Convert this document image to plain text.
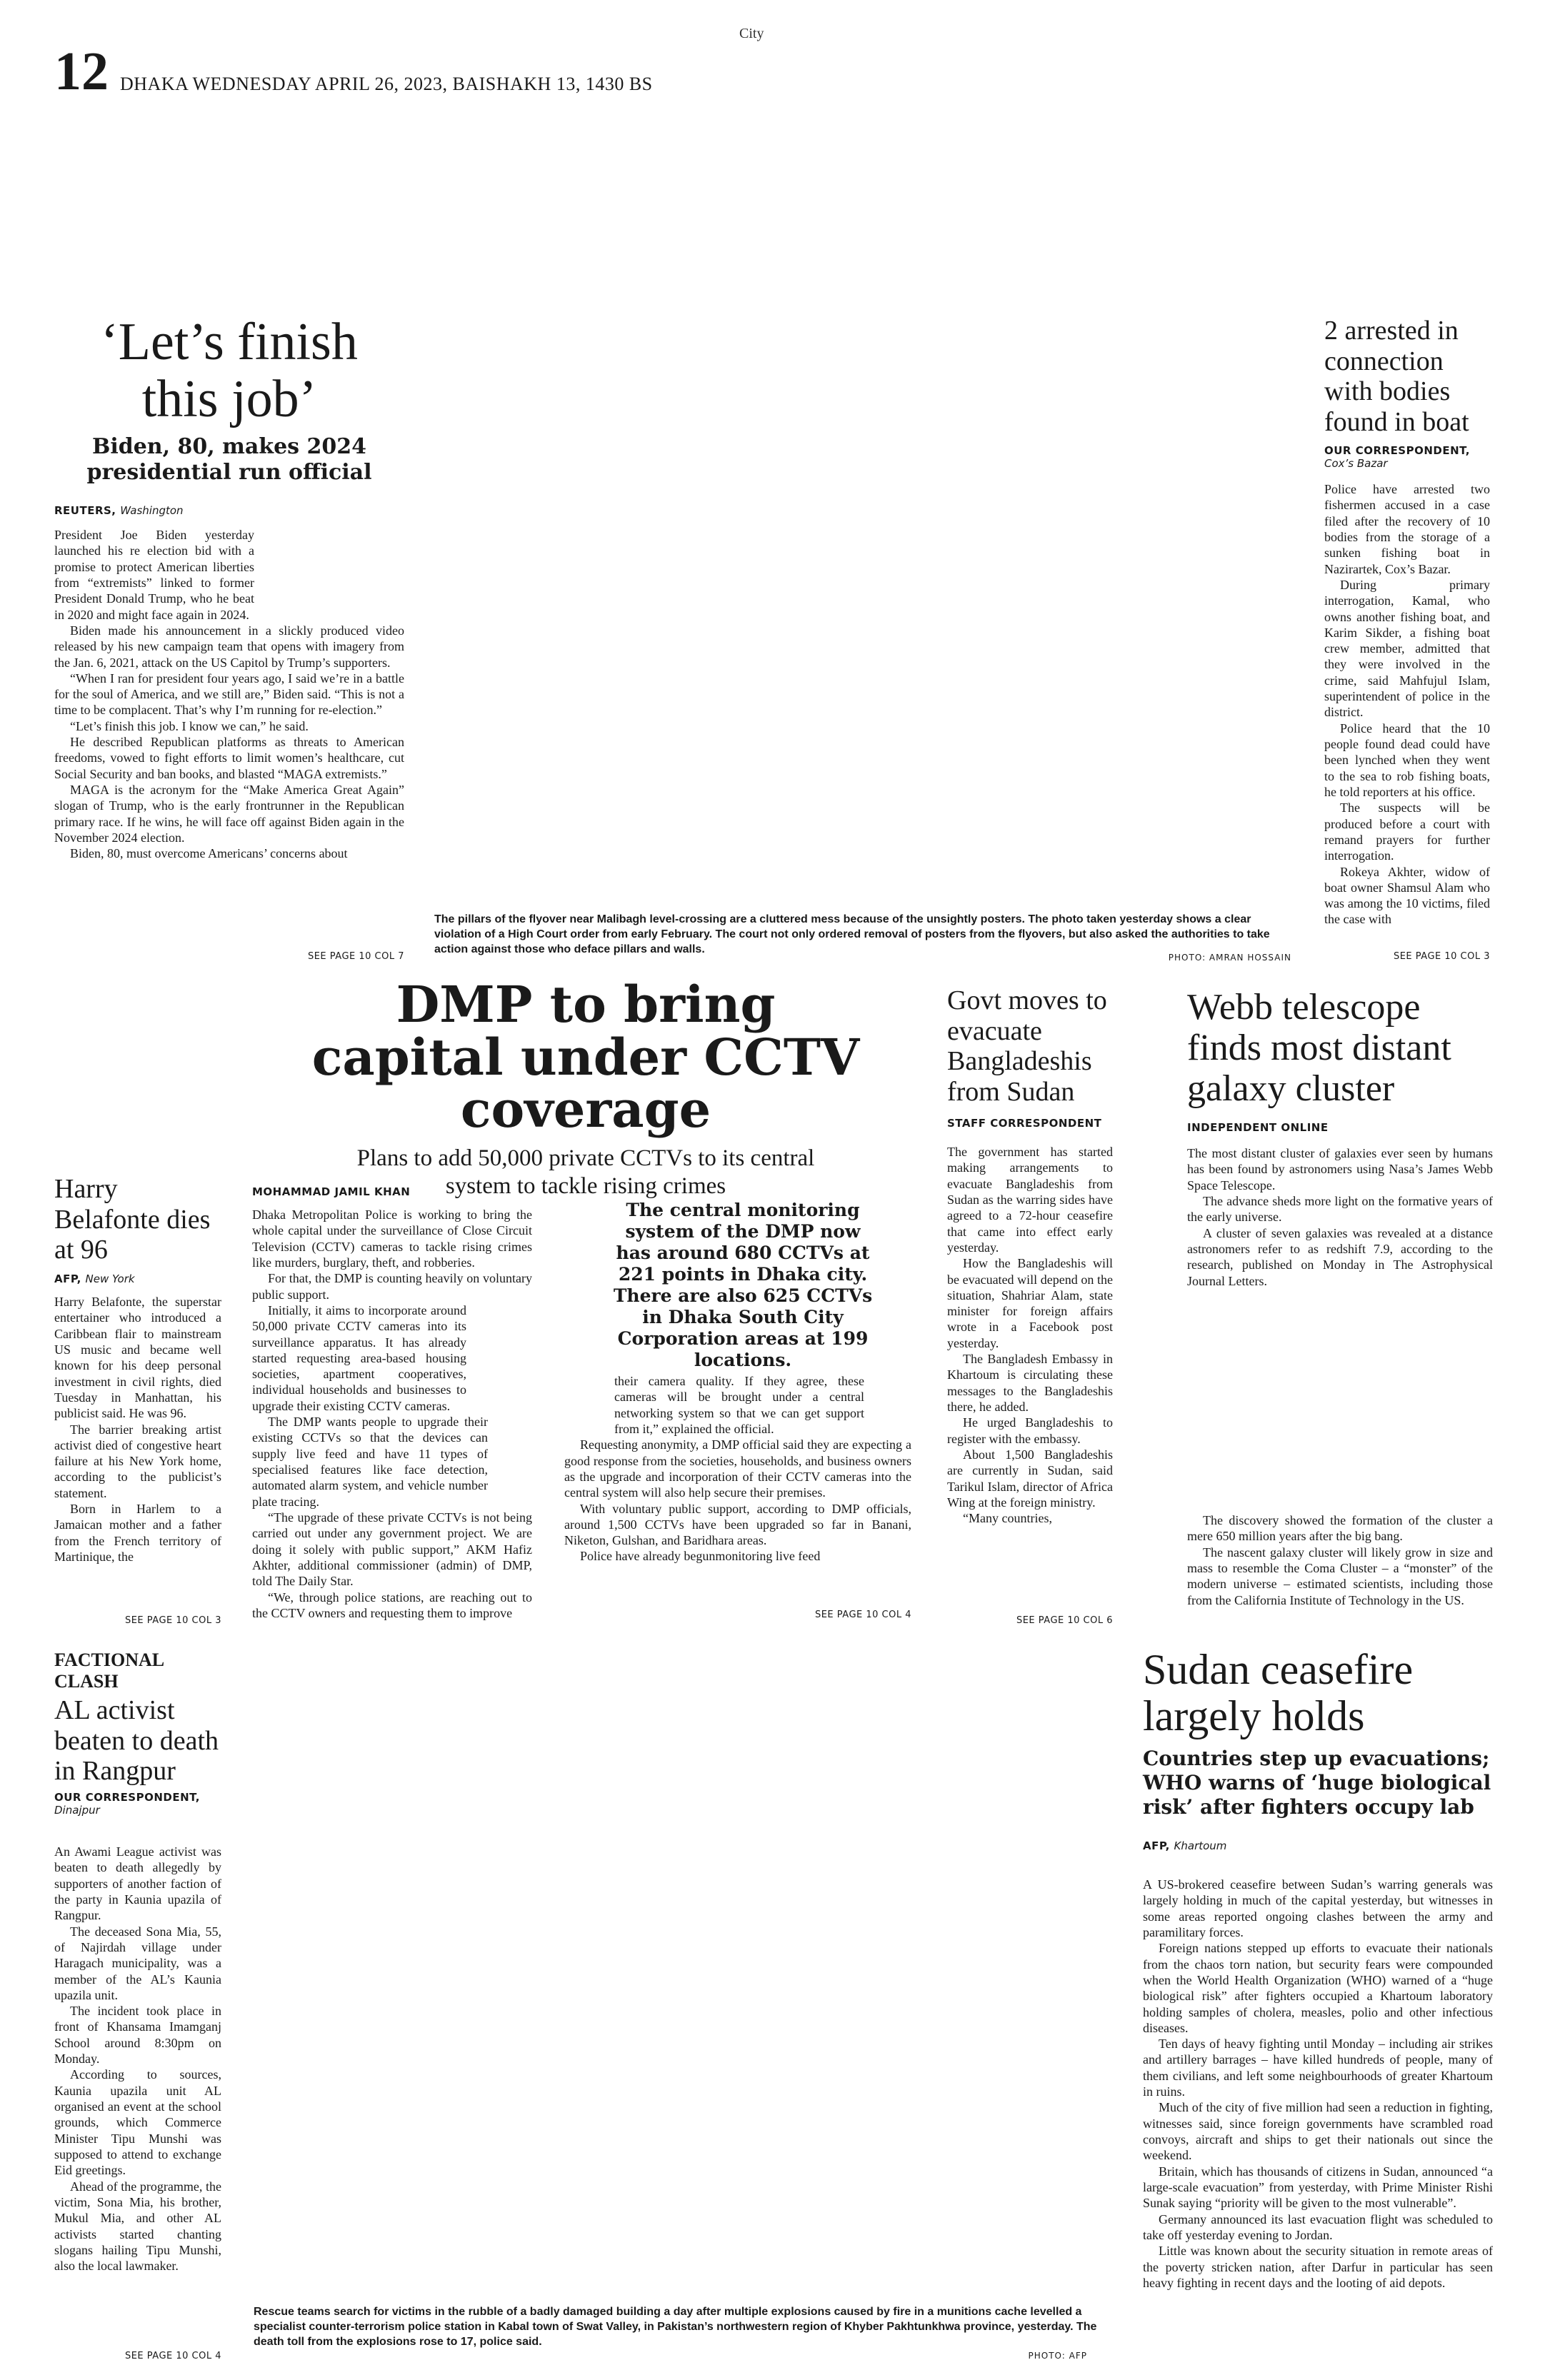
City
12 DHAKA WEDNESDAY APRIL 26, 2023, BAISHAKH 13, 1430 BS
‘Let’s finish this job’
Biden, 80, makes 2024 presidential run official
REUTERS, Washington

President Joe Biden yesterday launched his re election bid with a promise to protect American liberties from “extremists” linked to former President Donald Trump, who he beat in 2020 and might face again in 2024.

Biden made his announcement in a slickly produced video released by his new campaign team that opens with imagery from the Jan. 6, 2021, attack on the US Capitol by Trump’s supporters.

“When I ran for president four years ago, I said we’re in a battle for the soul of America, and we still are,” Biden said. “This is not a time to be complacent. That’s why I’m running for re-election.”

“Let’s finish this job. I know we can,” he said.

He described Republican platforms as threats to American freedoms, vowed to fight efforts to limit women’s healthcare, cut Social Security and ban books, and blasted “MAGA extremists.”

MAGA is the acronym for the “Make America Great Again” slogan of Trump, who is the early frontrunner in the Republican primary race. If he wins, he will face off against Biden again in the November 2024 election.

Biden, 80, must overcome Americans’ concerns about

SEE PAGE 10 COL 7
The pillars of the flyover near Malibagh level-crossing are a cluttered mess because of the unsightly posters. The photo taken yesterday shows a clear violation of a High Court order from early February. The court not only ordered removal of posters from the flyovers, but also asked the authorities to take action against those who deface pillars and walls.
PHOTO: AMRAN HOSSAIN
2 arrested in connection with bodies found in boat
OUR CORRESPONDENT,
Cox’s Bazar

Police have arrested two fishermen accused in a case filed after the recovery of 10 bodies from the storage of a sunken fishing boat in Nazirartek, Cox’s Bazar.

During primary interrogation, Kamal, who owns another fishing boat, and Karim Sikder, a fishing boat crew member, admitted that they were involved in the crime, said Mahfujul Islam, superintendent of police in the district.

Police heard that the 10 people found dead could have been lynched when they went to the sea to rob fishing boats, he told reporters at his office.

The suspects will be produced before a court with remand prayers for further interrogation.

Rokeya Akhter, widow of boat owner Shamsul Alam who was among the 10 victims, filed the case with

SEE PAGE 10 COL 3
DMP to bring capital under CCTV coverage
Plans to add 50,000 private CCTVs to its central system to tackle rising crimes
MOHAMMAD JAMIL KHAN

Dhaka Metropolitan Police is working to bring the whole capital under the surveillance of Close Circuit Television (CCTV) cameras to tackle rising crimes like murders, burglary, theft, and robberies.

For that, the DMP is counting heavily on voluntary public support.

Initially, it aims to incorporate around 50,000 private CCTV cameras into its surveillance apparatus. It has already started requesting area-based housing societies, apartment cooperatives, individual households and businesses to upgrade their existing CCTV cameras.

The DMP wants people to upgrade their existing CCTVs so that the devices can supply live feed and have 11 types of specialised features like face detection, automated alarm system, and vehicle number plate tracing.

“The upgrade of these private CCTVs is not being carried out under any government project. We are doing it solely with public support,” AKM Hafiz Akhter, additional commissioner (admin) of DMP, told The Daily Star.

“We, through police stations, are reaching out to the CCTV owners and requesting them to improve

The central monitoring system of the DMP now has around 680 CCTVs at 221 points in Dhaka city. There are also 625 CCTVs in Dhaka South City Corporation areas at 199 locations.

their camera quality. If they agree, these cameras will be brought under a central networking system so that we can get support from it,” explained the official.

Requesting anonymity, a DMP official said they are expecting a good response from the societies, households, and business owners as the upgrade and incorporation of their CCTV cameras into the central system will also help secure their premises.

With voluntary public support, according to DMP officials, around 1,500 CCTVs have been upgraded so far in Banani, Niketon, Gulshan, and Baridhara areas.

Police have already begunmonitoring live feed

SEE PAGE 10 COL 4
Govt moves to evacuate Bangladeshis from Sudan
STAFF CORRESPONDENT

The government has started making arrangements to evacuate Bangladeshis from Sudan as the warring sides have agreed to a 72-hour ceasefire that came into effect early yesterday.

How the Bangladeshis will be evacuated will depend on the situation, Shahriar Alam, state minister for foreign affairs wrote in a Facebook post yesterday.

The Bangladesh Embassy in Khartoum is circulating these messages to the Bangladeshis there, he added.

He urged Bangladeshis to register with the embassy.

About 1,500 Bangladeshis are currently in Sudan, said Tarikul Islam, director of Africa Wing at the foreign ministry.

“Many countries,

SEE PAGE 10 COL 6
Webb telescope finds most distant galaxy cluster
INDEPENDENT ONLINE

The most distant cluster of galaxies ever seen by humans has been found by astronomers using Nasa’s James Webb Space Telescope.

The advance sheds more light on the formative years of the early universe.

A cluster of seven galaxies was revealed at a distance astronomers refer to as redshift 7.9, according to the research, published on Monday in The Astrophysical Journal Letters.

The discovery showed the formation of the cluster a mere 650 million years after the big bang.

The nascent galaxy cluster will likely grow in size and mass to resemble the Coma Cluster – a “monster” of the modern universe – estimated scientists, including those from the California Institute of Technology in the US.

Harry Belafonte dies at 96
AFP, New York

Harry Belafonte, the superstar entertainer who introduced a Caribbean flair to mainstream US music and became well known for his deep personal investment in civil rights, died Tuesday in Manhattan, his publicist said. He was 96.

The barrier breaking artist activist died of congestive heart failure at his New York home, according to the publicist’s statement.

Born in Harlem to a Jamaican mother and a father from the French territory of Martinique, the

SEE PAGE 10 COL 3
FACTIONAL CLASH
AL activist beaten to death in Rangpur
OUR CORRESPONDENT,
Dinajpur

An Awami League activist was beaten to death allegedly by supporters of another faction of the party in Kaunia upazila of Rangpur.

The deceased Sona Mia, 55, of Najirdah village under Haragach municipality, was a member of the AL’s Kaunia upazila unit.

The incident took place in front of Khansama Imamganj School around 8:30pm on Monday.

According to sources, Kaunia upazila unit AL organised an event at the school grounds, which Commerce Minister Tipu Munshi was supposed to attend to exchange Eid greetings.

Ahead of the programme, the victim, Sona Mia, his brother, Mukul Mia, and other AL activists started chanting slogans hailing Tipu Munshi, also the local lawmaker.

SEE PAGE 10 COL 4
Rescue teams search for victims in the rubble of a badly damaged building a day after multiple explosions caused by fire in a munitions cache levelled a specialist counter-terrorism police station in Kabal town of Swat Valley, in Pakistan’s northwestern region of Khyber Pakhtunkhwa province, yesterday. The death toll from the explosions rose to 17, police said.
PHOTO: AFP
Sudan ceasefire largely holds
Countries step up evacuations; WHO warns of ‘huge biological risk’ after fighters occupy lab
AFP, Khartoum

A US-brokered ceasefire between Sudan’s warring generals was largely holding in much of the capital yesterday, but witnesses in some areas reported ongoing clashes between the army and paramilitary forces.

Foreign nations stepped up efforts to evacuate their nationals from the chaos torn nation, but security fears were compounded when the World Health Organization (WHO) warned of a “huge biological risk” after fighters occupied a Khartoum laboratory holding samples of cholera, measles, polio and other infectious diseases.

Ten days of heavy fighting until Monday – including air strikes and artillery barrages – have killed hundreds of people, many of them civilians, and left some neighbourhoods of greater Khartoum in ruins.

Much of the city of five million had seen a reduction in fighting, witnesses said, since foreign governments have scrambled road convoys, aircraft and ships to get their nationals out since the weekend.

Britain, which has thousands of citizens in Sudan, announced “a large-scale evacuation” from yesterday, with Prime Minister Rishi Sunak saying “priority will be given to the most vulnerable”.

Germany announced its last evacuation flight was scheduled to take off yesterday evening to Jordan.

Little was known about the security situation in remote areas of the poverty stricken nation, after Darfur in particular has seen heavy fighting in recent days and the looting of aid depots.
